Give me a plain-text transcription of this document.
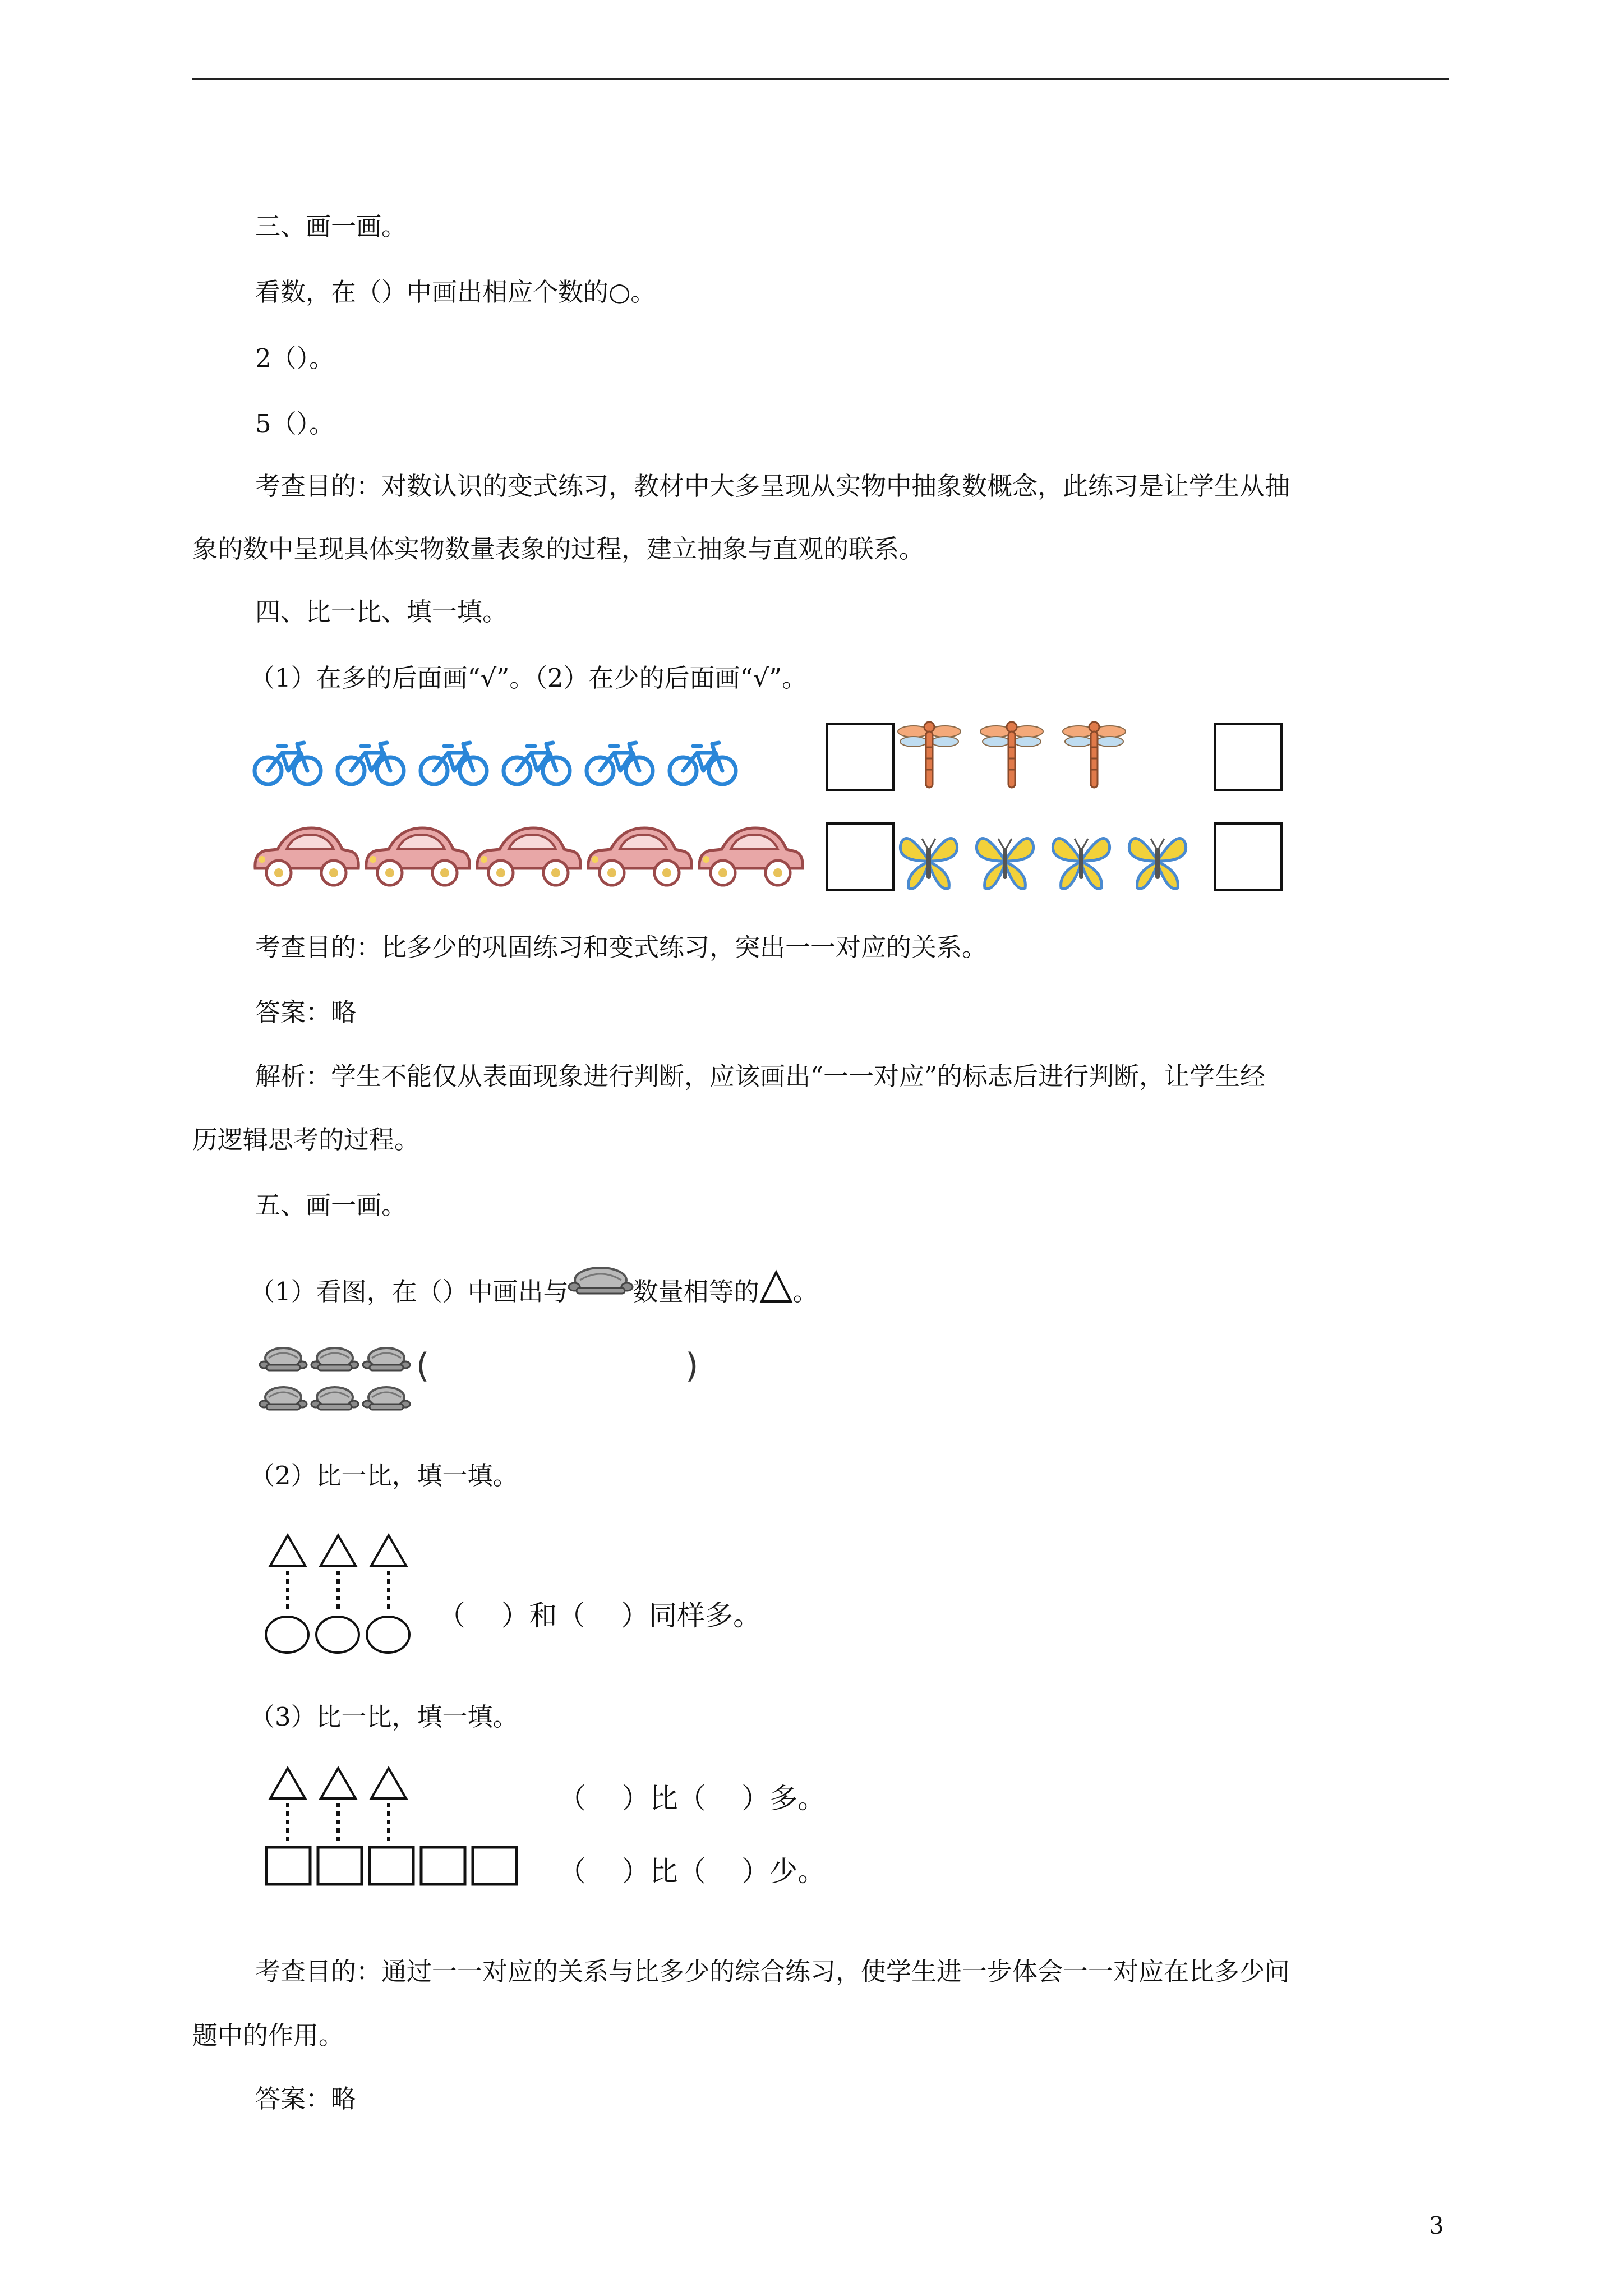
三、画一画。
看数，在（）中画出相应个数的○。
2（）。
5（）。
考查目的：对数认识的变式练习，教材中大多呈现从实物中抽象数概念，此练习是让学生从抽
象的数中呈现具体实物数量表象的过程，建立抽象与直观的联系。
四、比一比、填一填。
（1）在多的后面画“√”。（2）在少的后面画“√”。
考查目的：比多少的巩固练习和变式练习，突出一一对应的关系。
答案：略
解析：学生不能仅从表面现象进行判断，应该画出“一一对应”的标志后进行判断，让学生经
历逻辑思考的过程。
五、画一画。
（1）看图，在（）中画出与	数量相等的 。
(	)
（2）比一比，填一填。
（    ）和（    ）同样多。
（3）比一比，填一填。
（    ）比（    ）多。
（    ）比（    ）少。
考查目的：通过一一对应的关系与比多少的综合练习，使学生进一步体会一一对应在比多少问
题中的作用。
答案：略
3
